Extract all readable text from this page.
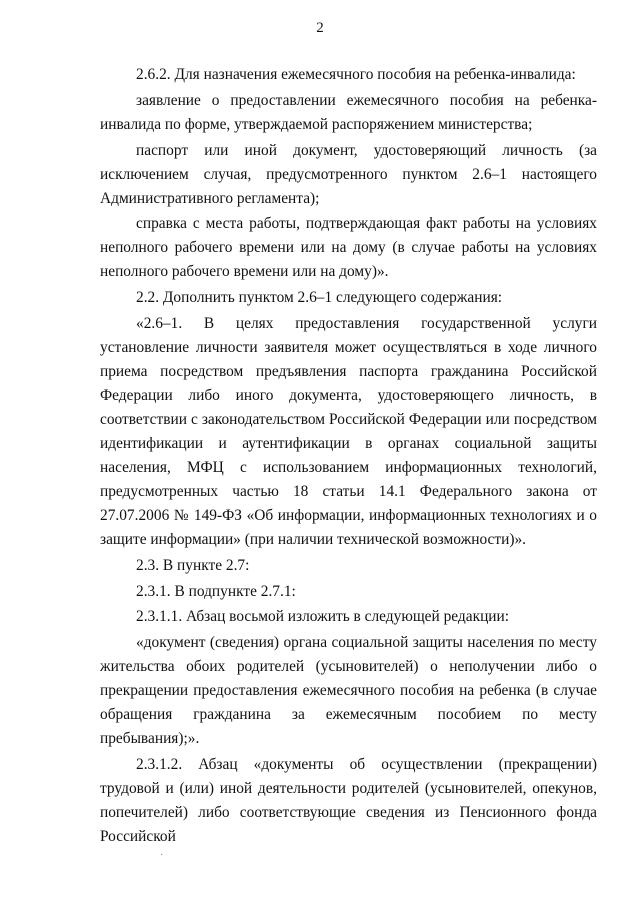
2

2.6.2. Для назначения ежемесячного пособия на ребенка-инвалида:

заявление о предоставлении ежемесячного пособия на ребенка-инвалида по форме, утверждаемой распоряжением министерства;

паспорт или иной документ, удостоверяющий личность (за исключением случая, предусмотренного пунктом 2.6–1 настоящего Административного регламента);

справка с места работы, подтверждающая факт работы на условиях неполного рабочего времени или на дому (в случае работы на условиях неполного рабочего времени или на дому)».

2.2. Дополнить пунктом 2.6–1 следующего содержания:

«2.6–1. В целях предоставления государственной услуги установление личности заявителя может осуществляться в ходе личного приема посредством предъявления паспорта гражданина Российской Федерации либо иного документа, удостоверяющего личность, в соответствии с законодательством Российской Федерации или посредством идентификации и аутентификации в органах социальной защиты населения, МФЦ с использованием информационных технологий, предусмотренных частью 18 статьи 14.1 Федерального закона от 27.07.2006 № 149-ФЗ «Об информации, информационных технологиях и о защите информации» (при наличии технической возможности)».

2.3. В пункте 2.7:

2.3.1. В подпункте 2.7.1:

2.3.1.1. Абзац восьмой изложить в следующей редакции:

«документ (сведения) органа социальной защиты населения по месту жительства обоих родителей (усыновителей) о неполучении либо о прекращении предоставления ежемесячного пособия на ребенка (в случае обращения гражданина за ежемесячным пособием по месту пребывания);».

2.3.1.2. Абзац «документы об осуществлении (прекращении) трудовой и (или) иной деятельности родителей (усыновителей, опекунов, попечителей) либо соответствующие сведения из Пенсионного фонда Российской

·
